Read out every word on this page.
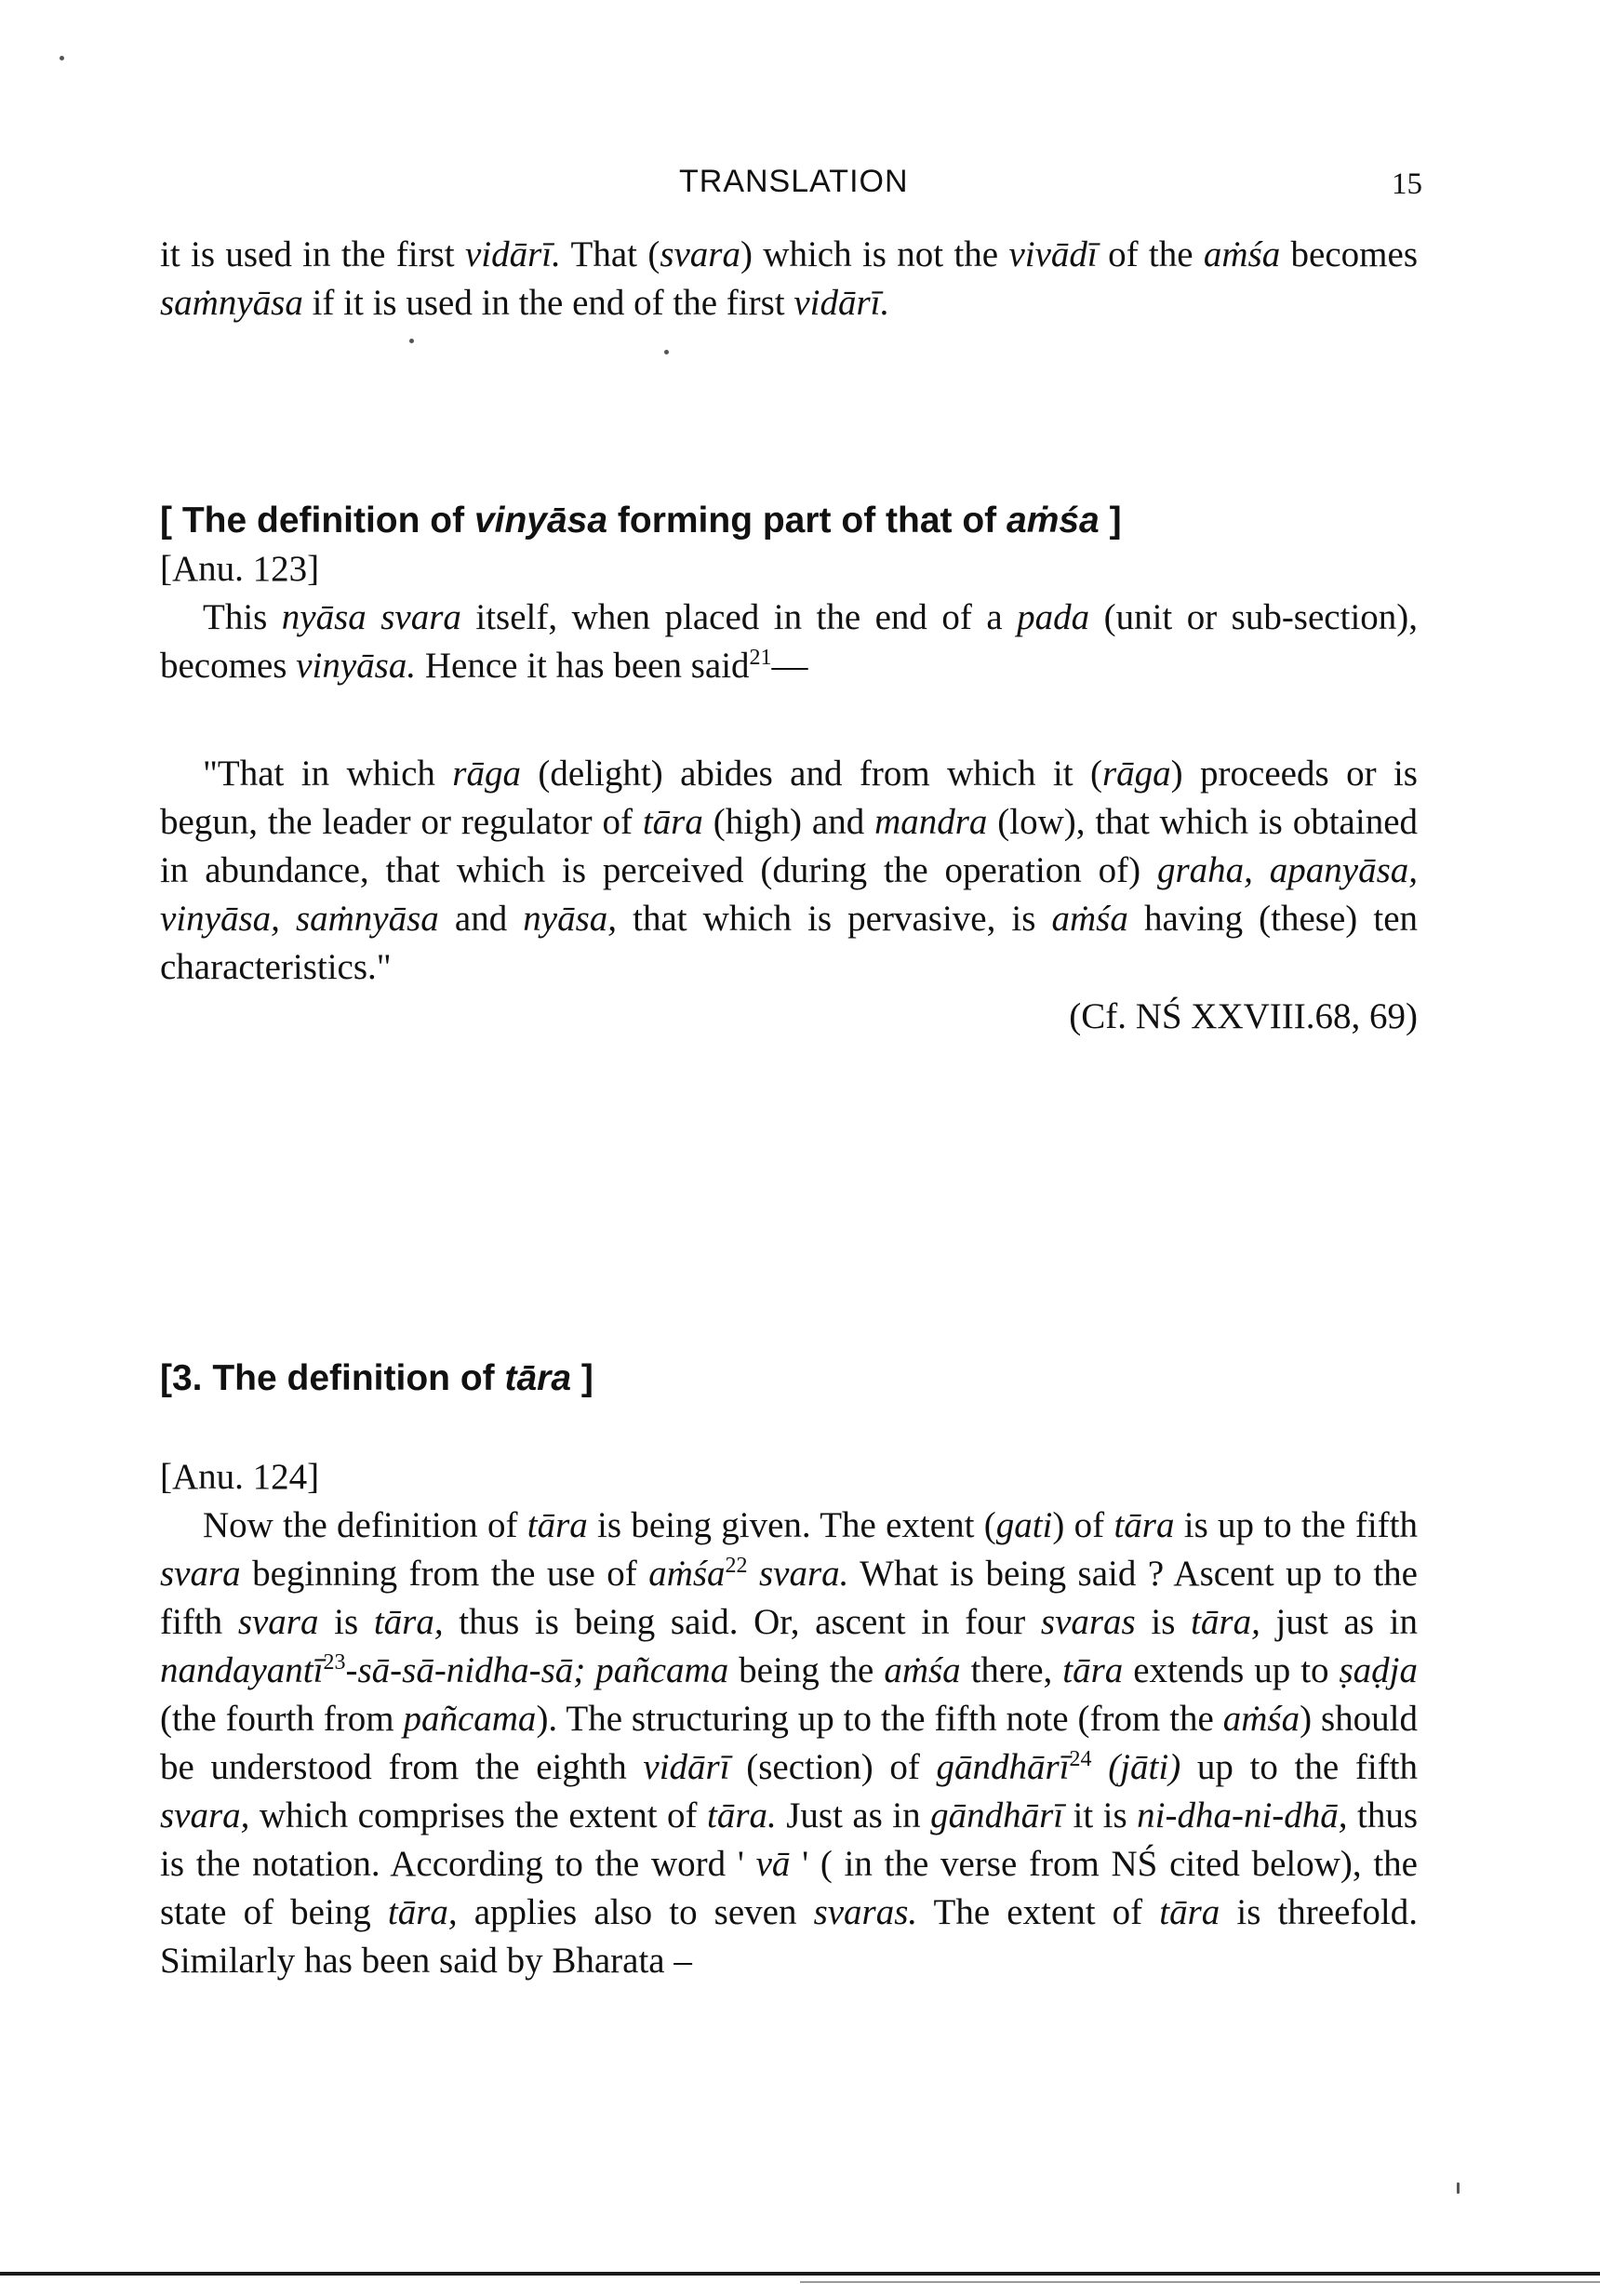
TRANSLATION	15

it is used in the first vidārī. That (svara) which is not the vivādī of the aṁśa becomes saṁnyāsa if it is used in the end of the first vidārī.

[ The definition of vinyāsa forming part of that of aṁśa ]
[Anu. 123]

This nyāsa svara itself, when placed in the end of a pada (unit or sub-section), becomes vinyāsa. Hence it has been said$^{21}$—

"That in which rāga (delight) abides and from which it (rāga) proceeds or is begun, the leader or regulator of tāra (high) and mandra (low), that which is obtained in abundance, that which is perceived (during the operation of) graha, apanyāsa, vinyāsa, saṁnyāsa and nyāsa, that which is pervasive, is aṁśa having (these) ten characteristics."

(Cf. NŚ XXVIII.68, 69)
[3. The definition of tāra ]
[Anu. 124]

Now the definition of tāra is being given. The extent (gati) of tāra is up to the fifth svara beginning from the use of aṁśa$^{22}$ svara. What is being said ? Ascent up to the fifth svara is tāra, thus is being said. Or, ascent in four svaras is tāra, just as in nandayantī$^{23}$-sā-sā-nidha-sā; pañcama being the aṁśa there, tāra extends up to ṣaḍja (the fourth from pañcama). The structuring up to the fifth note (from the aṁśa) should be understood from the eighth vidārī (section) of gāndhārī$^{24}$ (jāti) up to the fifth svara, which comprises the extent of tāra. Just as in gāndhārī it is ni-dha-ni-dhā, thus is the notation. According to the word ' vā ' ( in the verse from NŚ cited below), the state of being tāra, applies also to seven svaras. The extent of tāra is threefold. Similarly has been said by Bharata –
